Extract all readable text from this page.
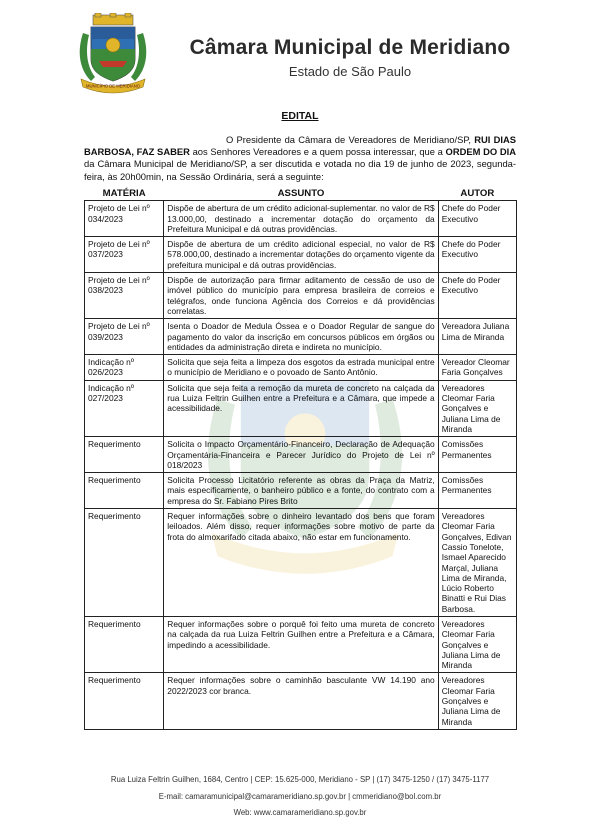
MUNICÍPIO DE MERIDIANO
Câmara Municipal de Meridiano
Estado de São Paulo
EDITAL

O Presidente da Câmara de Vereadores de Meridiano/SP, RUI DIAS BARBOSA, FAZ SABER aos Senhores Vereadores e a quem possa interessar, que a ORDEM DO DIA da Câmara Municipal de Meridiano/SP, a ser discutida e votada no dia 19 de junho de 2023, segunda-feira, às 20h00min, na Sessão Ordinária, será a seguinte:

MATÉRIA	ASSUNTO	AUTOR
Projeto de Lei nº 034/2023	Dispõe de abertura de um crédito adicional-suplementar. no valor de R$ 13.000,00, destinado a incrementar dotação do orçamento da Prefeitura Municipal e dá outras providências.	Chefe do Poder Executivo
Projeto de Lei nº 037/2023	Dispõe de abertura de um crédito adicional especial, no valor de R$ 578.000,00, destinado a incrementar dotações do orçamento vigente da prefeitura municipal e dá outras providências.	Chefe do Poder Executivo
Projeto de Lei nº 038/2023	Dispõe de autorização para firmar aditamento de cessão de uso de imóvel público do município para empresa brasileira de correios e telégrafos, onde funciona Agência dos Correios e dá providências correlatas.	Chefe do Poder Executivo
Projeto de Lei nº 039/2023	Isenta o Doador de Medula Óssea e o Doador Regular de sangue do pagamento do valor da inscrição em concursos públicos em órgãos ou entidades da administração direta e indireta no município.	Vereadora Juliana Lima de Miranda
Indicação nº 026/2023	Solicita que seja feita a limpeza dos esgotos da estrada municipal entre o município de Meridiano e o povoado de Santo Antônio.	Vereador Cleomar Faria Gonçalves
Indicação nº 027/2023	Solicita que seja feita a remoção da mureta de concreto na calçada da rua Luiza Feltrin Guilhen entre a Prefeitura e a Câmara, que impede a acessibilidade.	Vereadores Cleomar Faria Gonçalves e Juliana Lima de Miranda
Requerimento	Solicita o Impacto Orçamentário-Financeiro, Declaração de Adequação Orçamentária-Financeira e Parecer Jurídico do Projeto de Lei nº 018/2023	Comissões Permanentes
Requerimento	Solicita Processo Licitatório referente as obras da Praça da Matriz, mais especificamente, o banheiro público e a fonte, do contrato com a empresa do Sr. Fabiano Pires Brito	Comissões Permanentes
Requerimento	Requer informações sobre o dinheiro levantado dos bens que foram leiloados. Além disso, requer informações sobre motivo de parte da frota do almoxarifado citada abaixo, não estar em funcionamento.	Vereadores Cleomar Faria Gonçalves, Edivan Cassio Tonelote, Ismael Aparecido Marçal, Juliana Lima de Miranda, Lúcio Roberto Binatti e Rui Dias Barbosa.
Requerimento	Requer informações sobre o porquê foi feito uma mureta de concreto na calçada da rua Luiza Feltrin Guilhen entre a Prefeitura e a Câmara, impedindo a acessibilidade.	Vereadores Cleomar Faria Gonçalves e Juliana Lima de Miranda
Requerimento	Requer informações sobre o caminhão basculante VW 14.190 ano 2022/2023 cor branca.	Vereadores Cleomar Faria Gonçalves e Juliana Lima de Miranda
Rua Luiza Feltrin Guilhen, 1684, Centro | CEP: 15.625-000, Meridiano - SP | (17) 3475-1250 / (17) 3475-1177
E-mail: camaramunicipal@camarameridiano.sp.gov.br | cmmeridiano@bol.com.br
Web: www.camarameridiano.sp.gov.br
